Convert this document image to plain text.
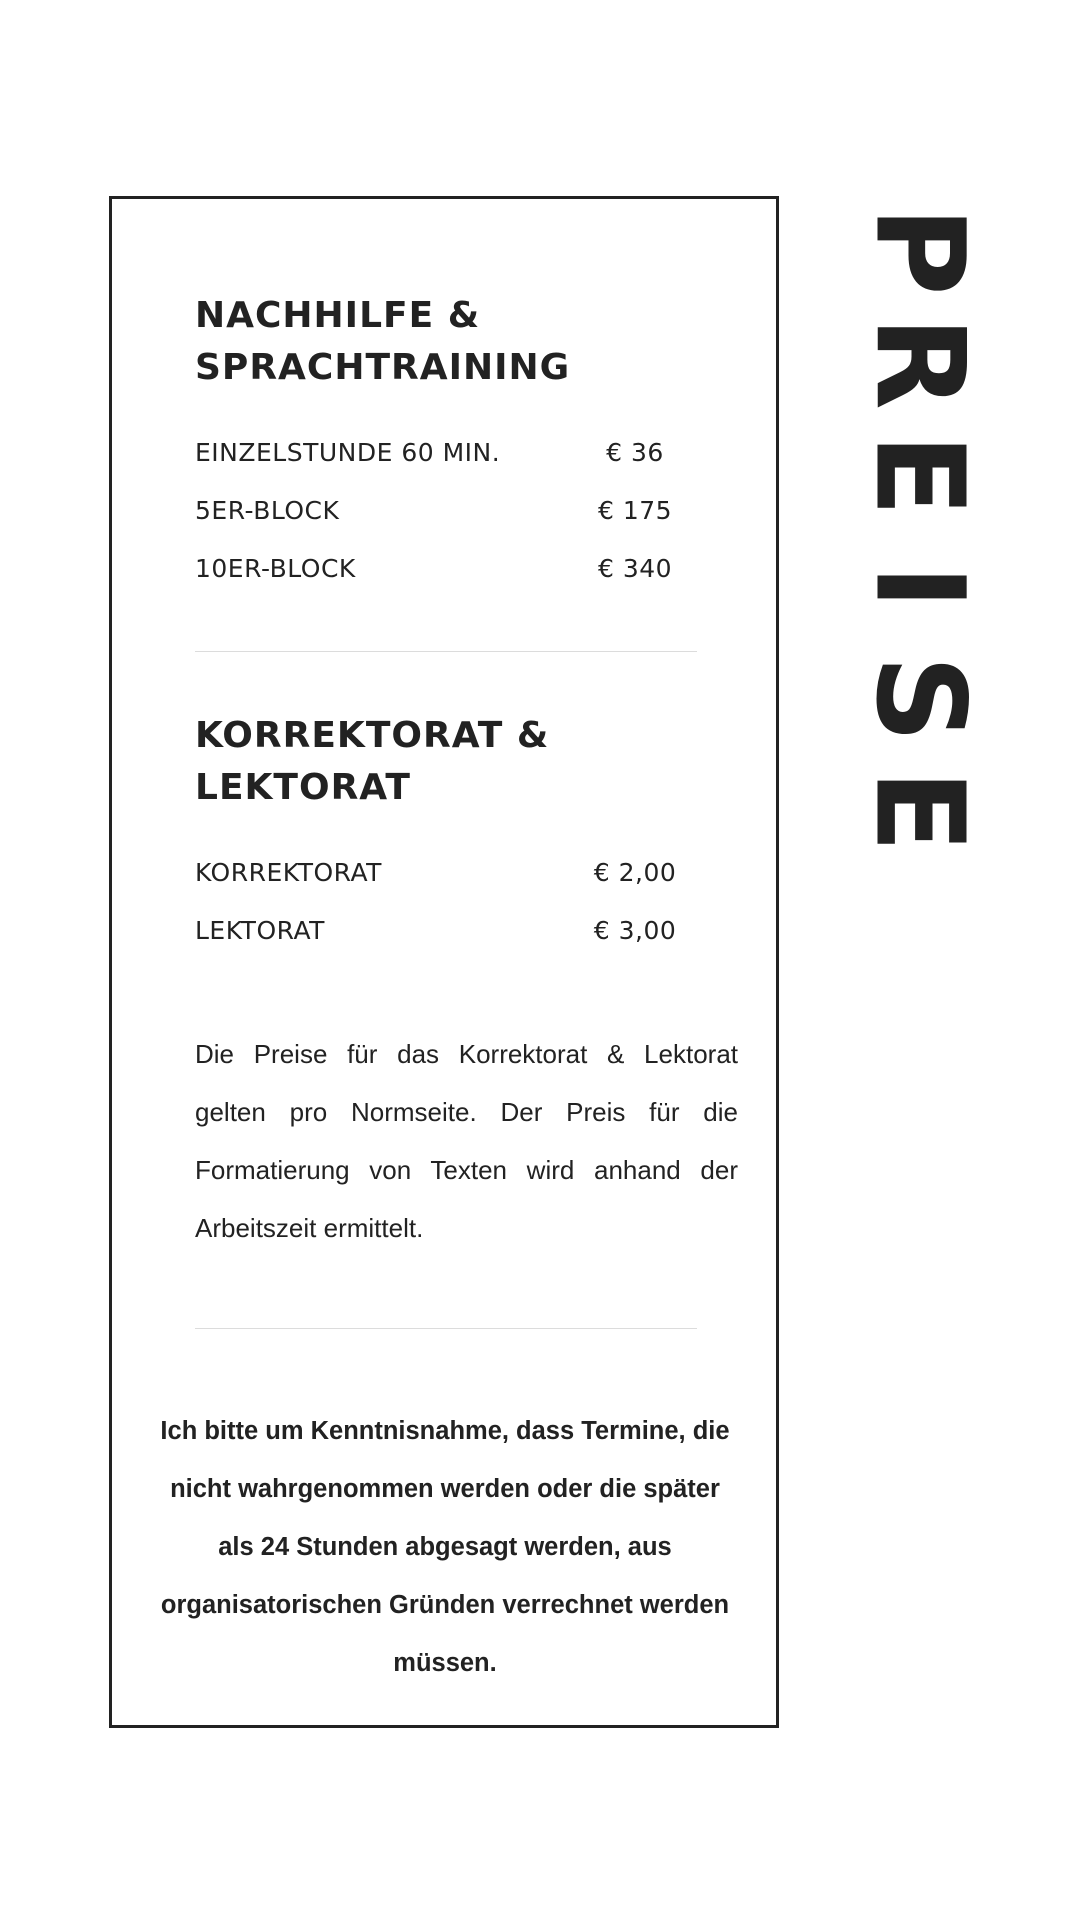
P
R
E
I
S
E
NACHHILFE &
SPRACHTRAINING
EINZELSTUNDE 60 MIN.	€ 36
5ER-BLOCK	€ 175
10ER-BLOCK	€ 340
KORREKTORAT &
LEKTORAT
KORREKTORAT	€ 2,00
LEKTORAT	€ 3,00

Die Preise für das Korrektorat & Lektorat gelten pro Normseite. Der Preis für die Formatierung von Texten wird anhand der Arbeitszeit ermittelt.

Ich bitte um Kenntnisnahme, dass Termine, die nicht wahrgenommen werden oder die später als 24 Stunden abgesagt werden, aus organisatorischen Gründen verrechnet werden müssen.
